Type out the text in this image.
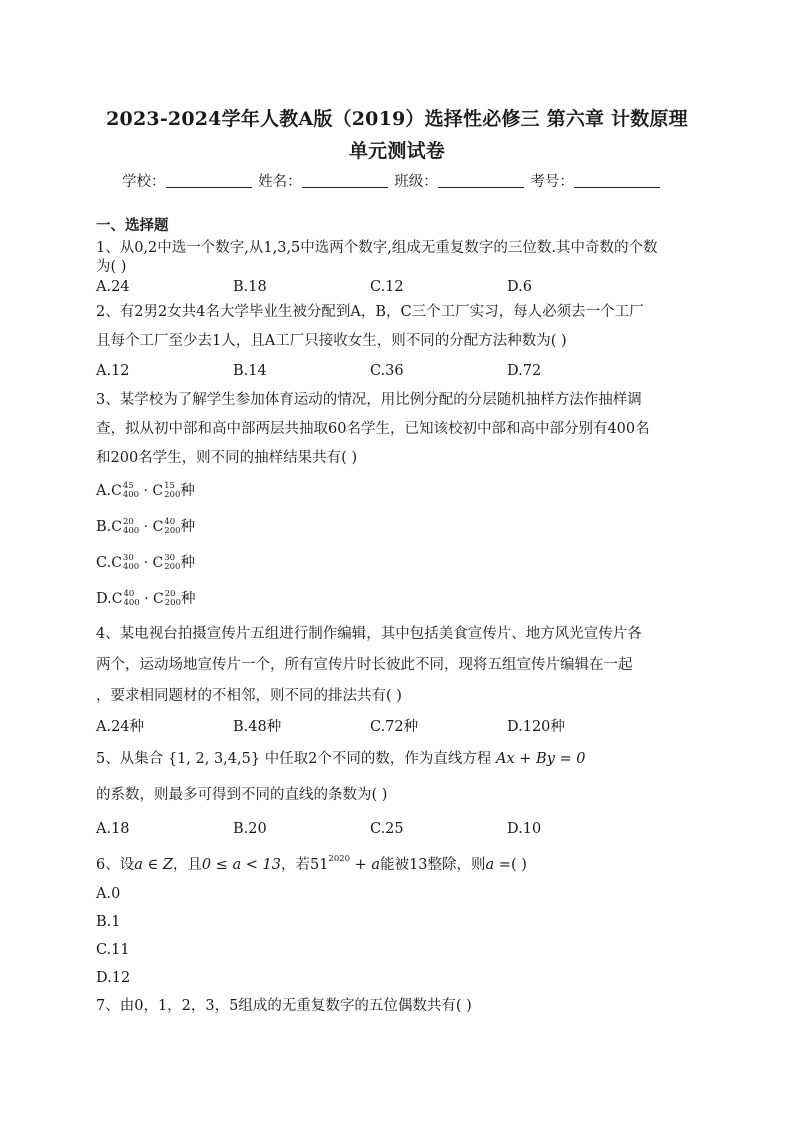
2023-2024学年人教A版（2019）选择性必修三 第六章 计数原理
单元测试卷
学校：	姓名：	班级：	考号：
一、选择题
1、从0,2中选一个数字,从1,3,5中选两个数字,组成无重复数字的三位数.其中奇数的个数
为( )
A.24	B.18	C.12	D.6
2、有2男2女共4名大学毕业生被分配到A，B，C三个工厂实习，每人必须去一个工厂
且每个工厂至少去1人，且A工厂只接收女生，则不同的分配方法种数为( )
A.12	B.14	C.36	D.72
3、某学校为了解学生参加体育运动的情况，用比例分配的分层随机抽样方法作抽样调
查，拟从初中部和高中部两层共抽取60名学生，已知该校初中部和高中部分别有400名
和200名学生，则不同的抽样结果共有( )
A.C 45
400 · C 15
200 种
B.C 20
400 · C 40
200 种
C.C 30
400 · C 30
200 种
D.C 40
400 · C 20
200 种
4、某电视台拍摄宣传片五组进行制作编辑，其中包括美食宣传片、地方风光宣传片各
两个，运动场地宣传片一个，所有宣传片时长彼此不同，现将五组宣传片编辑在一起
，要求相同题材的不相邻，则不同的排法共有( )
A.24种	B.48种	C.72种	D.120种
5、从集合 {1, 2, 3,4,5} 中任取2个不同的数，作为直线方程 Ax + By = 0
的系数，则最多可得到不同的直线的条数为( )
A.18	B.20	C.25	D.10
6、设a ∈ Z，且0 ≤ a < 13，若$51^{2020} + a$能被13整除，则a =( )
A.0
B.1
C.11
D.12
7、由0，1，2，3，5组成的无重复数字的五位偶数共有( )
